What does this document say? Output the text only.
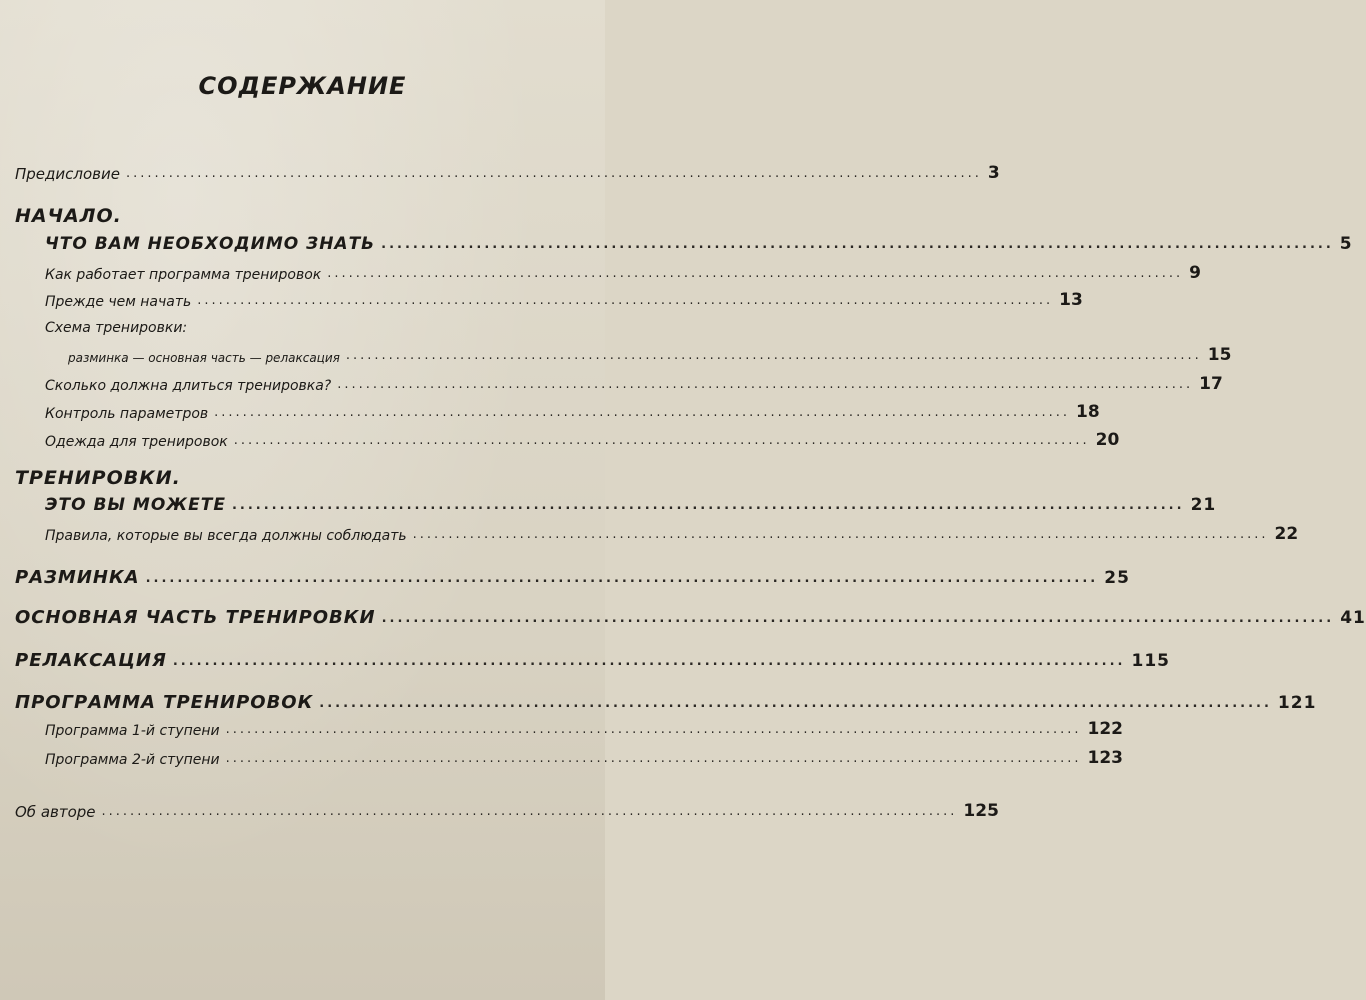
СОДЕРЖАНИЕ
Предисловие ........................................................................................................................ 3
НАЧАЛО.
ЧТО ВАМ НЕОБХОДИМО ЗНАТЬ ........................................................................................................................ 5
Как работает программа тренировок ........................................................................................................................ 9
Прежде чем начать ........................................................................................................................ 13
Схема тренировки:
разминка — основная часть — релаксация ........................................................................................................................ 15
Сколько должна длиться тренировка? ........................................................................................................................ 17
Контроль параметров ........................................................................................................................ 18
Одежда для тренировок ........................................................................................................................ 20
ТРЕНИРОВКИ.
ЭТО ВЫ МОЖЕТЕ ........................................................................................................................ 21
Правила, которые вы всегда должны соблюдать ........................................................................................................................ 22
РАЗМИНКА ........................................................................................................................ 25
ОСНОВНАЯ ЧАСТЬ ТРЕНИРОВКИ ........................................................................................................................ 41
РЕЛАКСАЦИЯ ........................................................................................................................ 115
ПРОГРАММА ТРЕНИРОВОК ........................................................................................................................ 121
Программа 1-й ступени ........................................................................................................................ 122
Программа 2-й ступени ........................................................................................................................ 123
Об авторе ........................................................................................................................ 125
